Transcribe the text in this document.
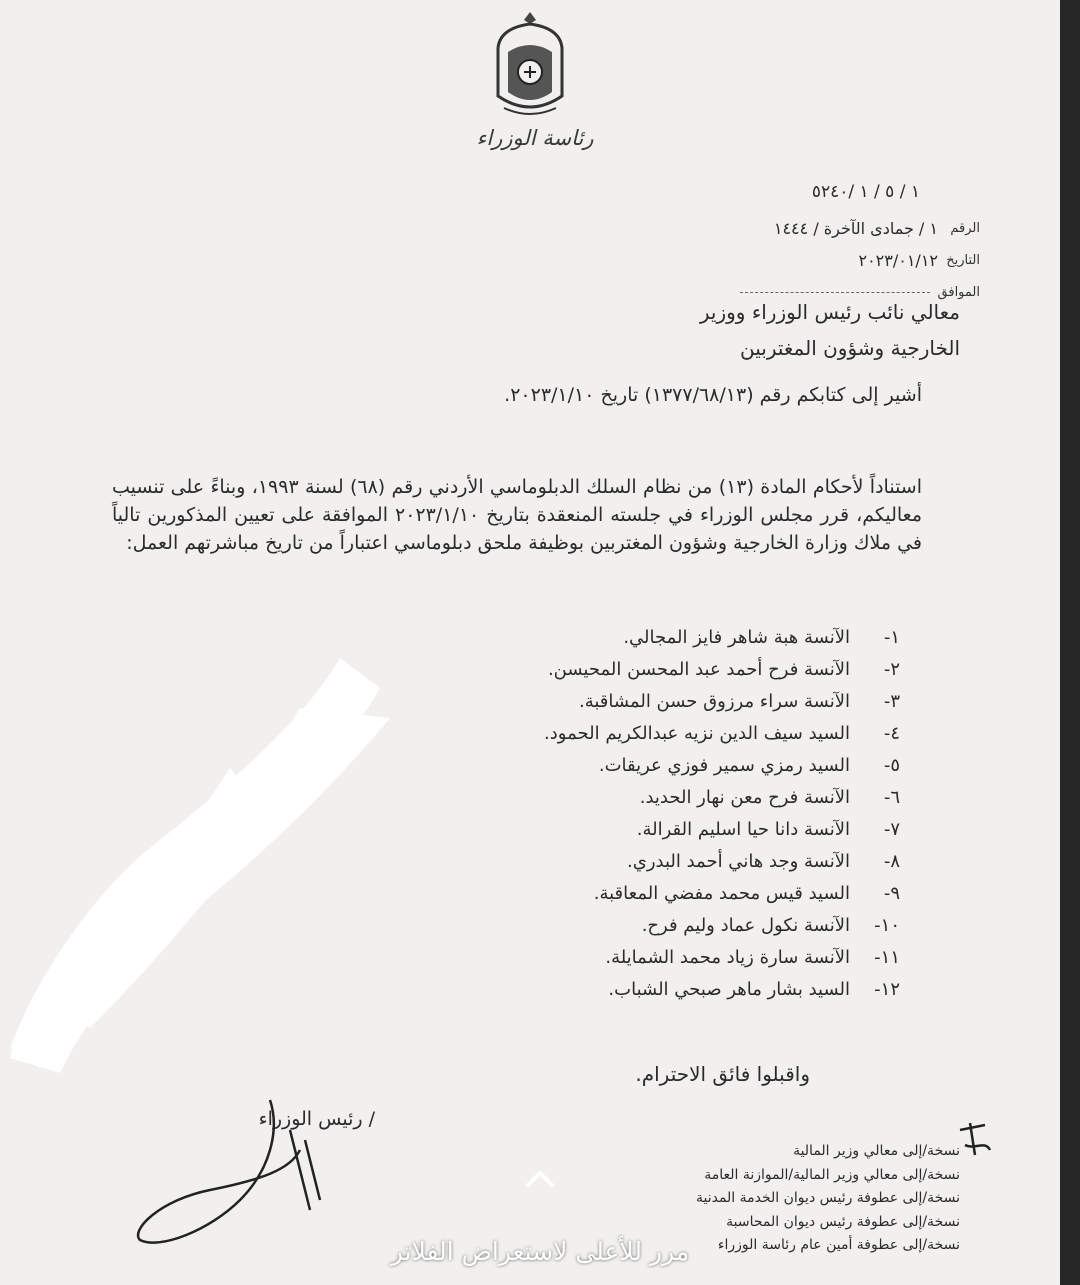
رئاسة الوزراء
١ / ٥ / ١ /٥٢٤٠
الرقم
١ / جمادى الآخرة / ١٤٤٤
التاريخ
٢٠٢٣/٠١/١٢
الموافق
معالي نائب رئيس الوزراء ووزير
الخارجية وشؤون المغتربين
أشير إلى كتابكم رقم (١٣٧٧/٦٨/١٣) تاريخ ٢٠٢٣/١/١٠.
استناداً لأحكام المادة (١٣) من نظام السلك الدبلوماسي الأردني رقم (٦٨) لسنة ١٩٩٣، وبناءً على تنسيب معاليكم، قرر مجلس الوزراء في جلسته المنعقدة بتاريخ ٢٠٢٣/١/١٠ الموافقة على تعيين المذكورين تالياً في ملاك وزارة الخارجية وشؤون المغتربين بوظيفة ملحق دبلوماسي اعتباراً من تاريخ مباشرتهم العمل:
١-
الآنسة هبة شاهر فايز المجالي.
٢-
الآنسة فرح أحمد عبد المحسن المحيسن.
٣-
الآنسة سراء مرزوق حسن المشاقبة.
٤-
السيد سيف الدين نزيه عبدالكريم الحمود.
٥-
السيد رمزي سمير فوزي عريقات.
٦-
الآنسة فرح معن نهار الحديد.
٧-
الآنسة دانا حيا اسليم القرالة.
٨-
الآنسة وجد هاني أحمد البدري.
٩-
السيد قيس محمد مفضي المعاقبة.
١٠-
الآنسة نكول عماد وليم فرح.
١١-
الآنسة سارة زياد محمد الشمايلة.
١٢-
السيد بشار ماهر صبحي الشباب.
واقبلوا فائق الاحترام.
/ رئيس الوزراء
نسخة/إلى معالي وزير المالية
نسخة/إلى معالي وزير المالية/الموازنة العامة
نسخة/إلى عطوفة رئيس ديوان الخدمة المدنية
نسخة/إلى عطوفة رئيس ديوان المحاسبة
نسخة/إلى عطوفة أمين عام رئاسة الوزراء
مرر للأعلى لاستعراض الفلاتر
